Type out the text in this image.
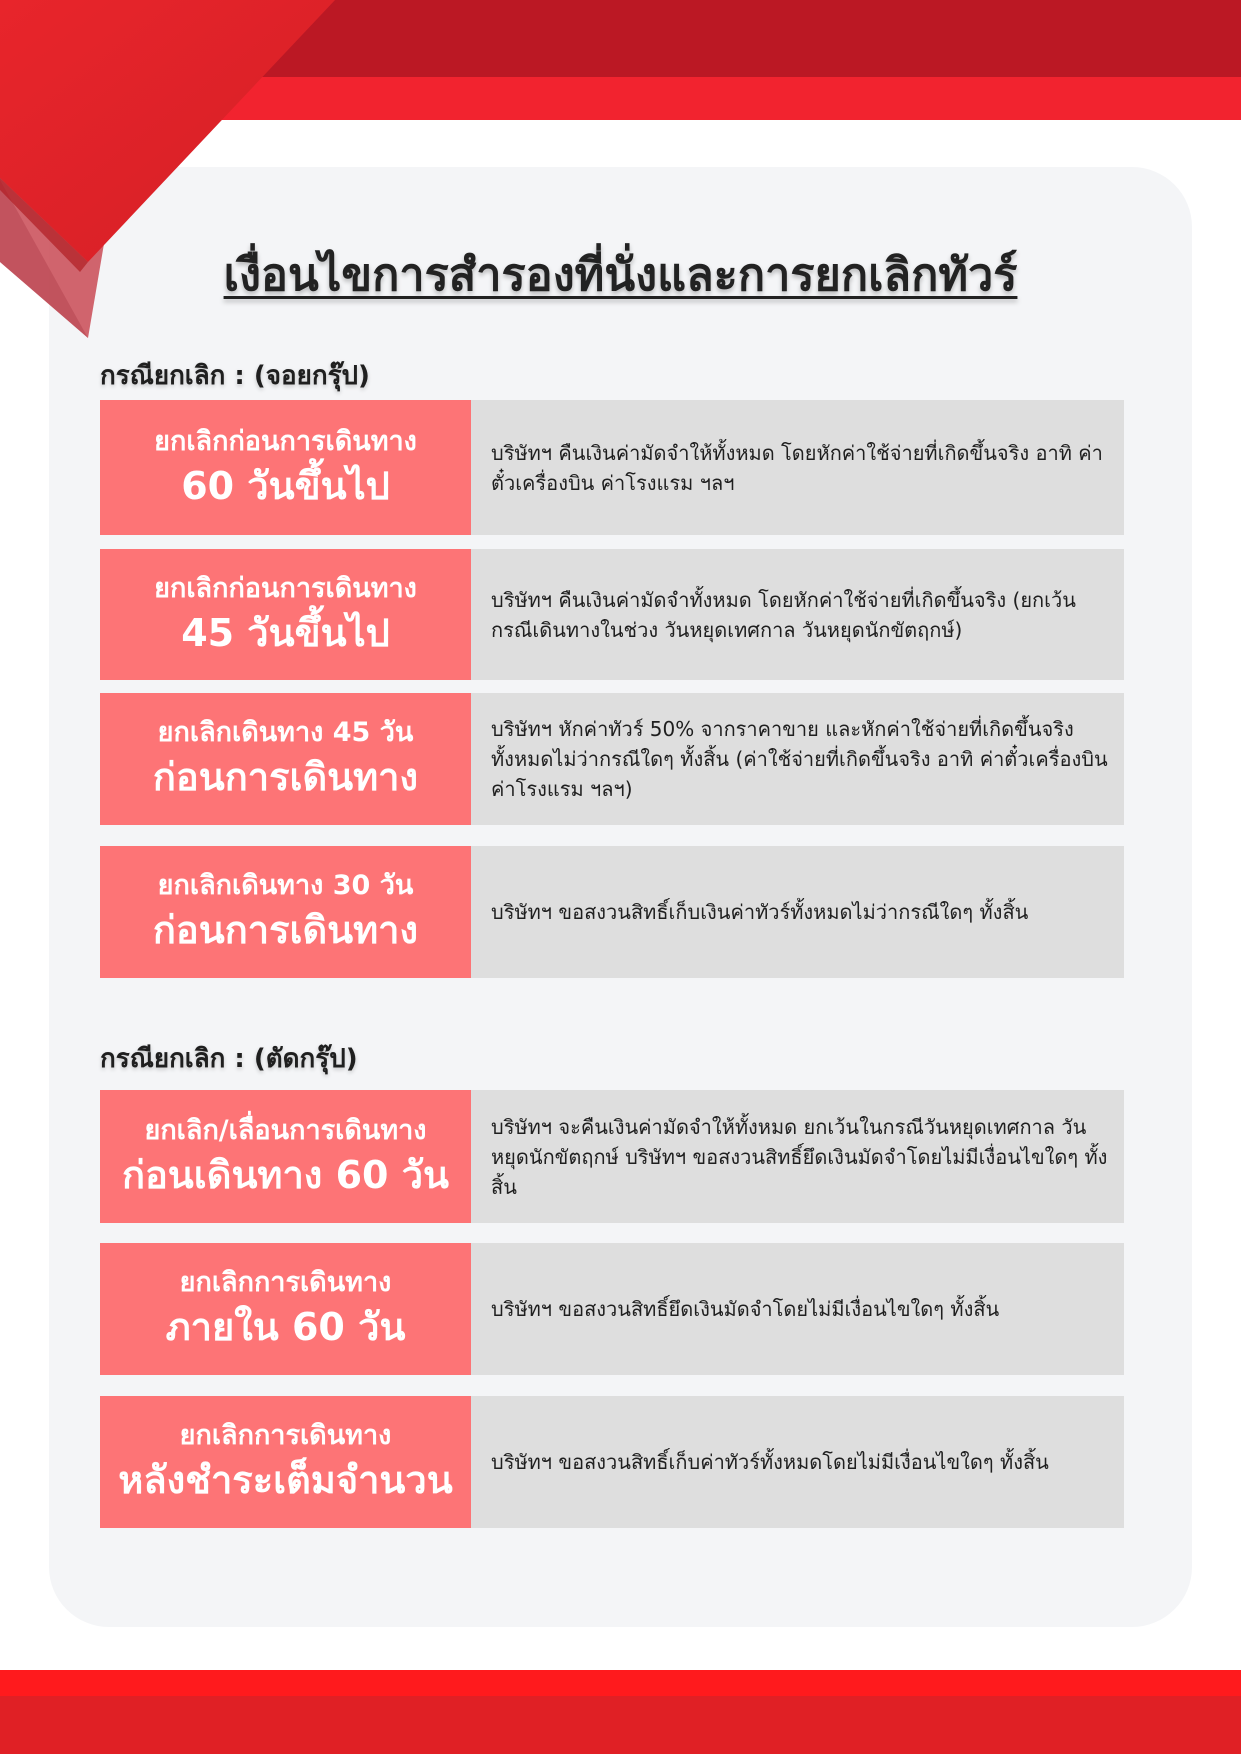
เงื่อนไขการสำรองที่นั่งและการยกเลิกทัวร์
กรณียกเลิก : (จอยกรุ๊ป)
ยกเลิกก่อนการเดินทาง
60 วันขึ้นไป
บริษัทฯ คืนเงินค่ามัดจำให้ทั้งหมด โดยหักค่าใช้จ่ายที่เกิดขึ้นจริง อาทิ ค่าตั๋วเครื่องบิน ค่าโรงแรม ฯลฯ
ยกเลิกก่อนการเดินทาง
45 วันขึ้นไป
บริษัทฯ คืนเงินค่ามัดจำทั้งหมด โดยหักค่าใช้จ่ายที่เกิดขึ้นจริง (ยกเว้นกรณีเดินทางในช่วง วันหยุดเทศกาล วันหยุดนักขัตฤกษ์)
ยกเลิกเดินทาง 45 วัน
ก่อนการเดินทาง
บริษัทฯ หักค่าทัวร์ 50% จากราคาขาย และหักค่าใช้จ่ายที่เกิดขึ้นจริงทั้งหมดไม่ว่ากรณีใดๆ ทั้งสิ้น (ค่าใช้จ่ายที่เกิดขึ้นจริง อาทิ ค่าตั๋วเครื่องบิน ค่าโรงแรม ฯลฯ)
ยกเลิกเดินทาง 30 วัน
ก่อนการเดินทาง	บริษัทฯ ขอสงวนสิทธิ์เก็บเงินค่าทัวร์ทั้งหมดไม่ว่ากรณีใดๆ ทั้งสิ้น
กรณียกเลิก : (ตัดกรุ๊ป)
ยกเลิก/เลื่อนการเดินทาง
ก่อนเดินทาง 60 วัน
บริษัทฯ จะคืนเงินค่ามัดจำให้ทั้งหมด ยกเว้นในกรณีวันหยุดเทศกาล วันหยุดนักขัตฤกษ์ บริษัทฯ ขอสงวนสิทธิ์ยึดเงินมัดจำโดยไม่มีเงื่อนไขใดๆ ทั้งสิ้น
ยกเลิกการเดินทาง
ภายใน 60 วัน	บริษัทฯ ขอสงวนสิทธิ์ยึดเงินมัดจำโดยไม่มีเงื่อนไขใดๆ ทั้งสิ้น
ยกเลิกการเดินทาง
หลังชำระเต็มจำนวน บริษัทฯ ขอสงวนสิทธิ์เก็บค่าทัวร์ทั้งหมดโดยไม่มีเงื่อนไขใดๆ ทั้งสิ้น
